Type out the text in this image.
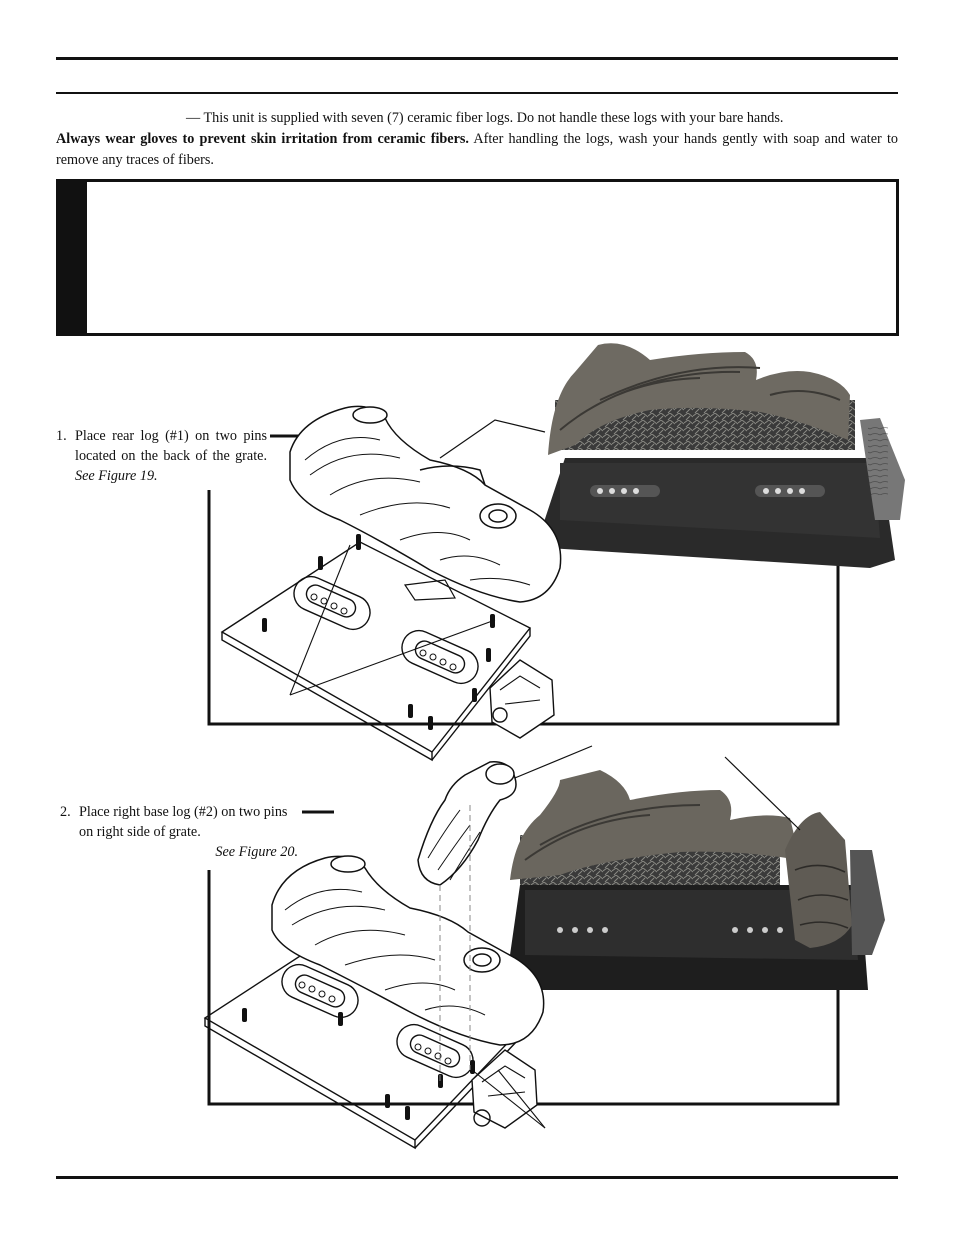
— This unit is supplied with seven (7) ceramic fiber logs. Do not handle these logs with your bare hands.
Always wear gloves to prevent skin irritation from ceramic fibers. After handling the logs, wash your hands gently with soap and water to remove any traces of fibers.
1. Place rear log (#1) on two pins located on the back of the grate. See Figure 19.
2. Place right base log (#2) on two pins on right side of grate.
See Figure 20.
